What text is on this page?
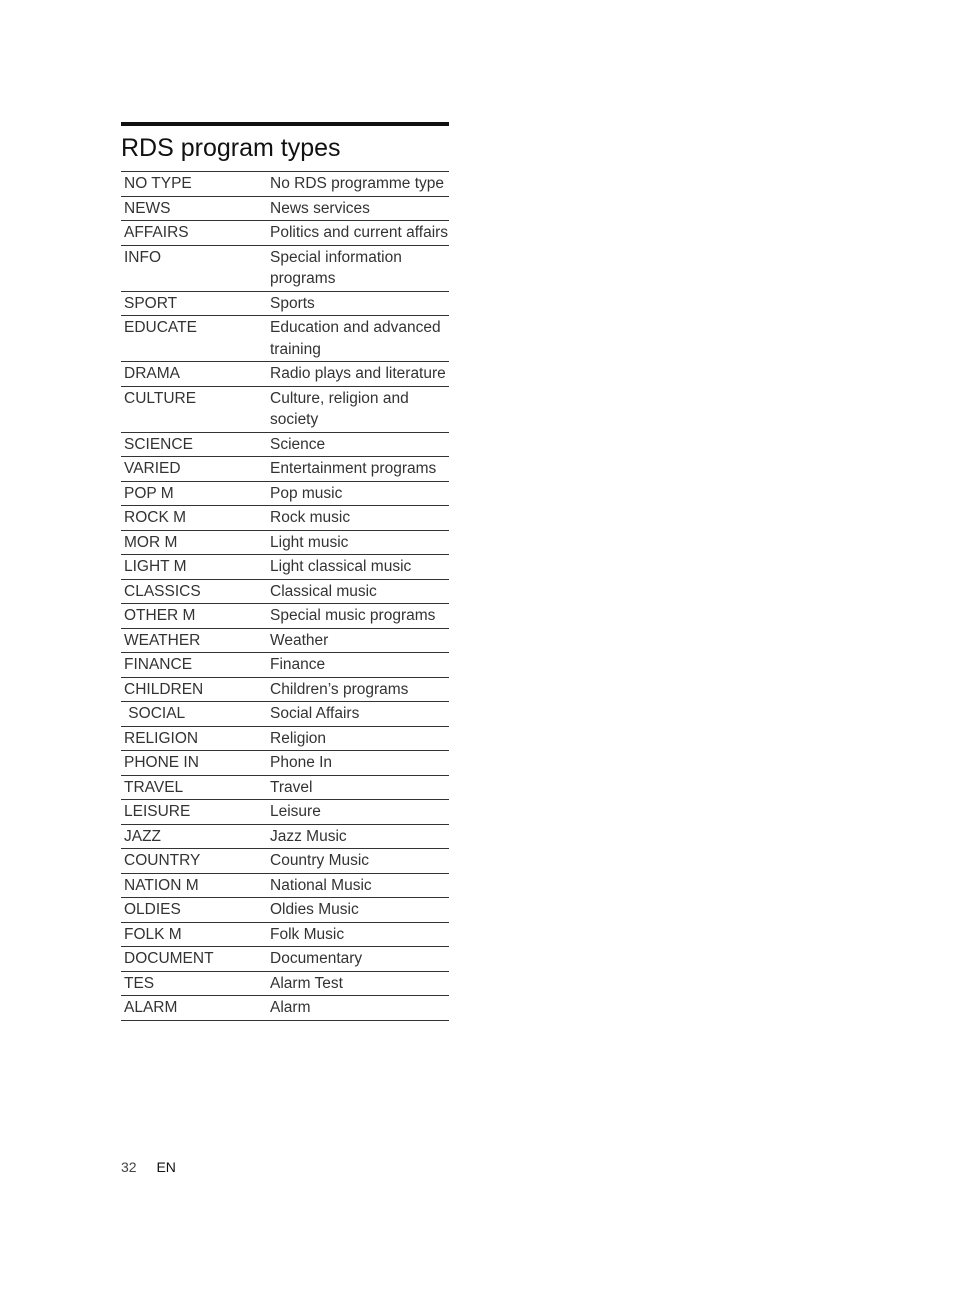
RDS program types
NO TYPE	No RDS programme type
NEWS	News services
AFFAIRS	Politics and current affairs
INFO	Special information programs
SPORT	Sports
EDUCATE	Education and advanced training
DRAMA	Radio plays and literature
CULTURE	Culture, religion and society
SCIENCE	Science
VARIED	Entertainment programs
POP M	Pop music
ROCK M	Rock music
MOR M	Light music
LIGHT M	Light classical music
CLASSICS	Classical music
OTHER M	Special music programs
WEATHER	Weather
FINANCE	Finance
CHILDREN	Children’s programs
SOCIAL	Social Affairs
RELIGION	Religion
PHONE IN	Phone In
TRAVEL	Travel
LEISURE	Leisure
JAZZ	Jazz Music
COUNTRY	Country Music
NATION M	National Music
OLDIES	Oldies Music
FOLK M	Folk Music
DOCUMENT	Documentary
TES	Alarm Test
ALARM	Alarm
32 EN
